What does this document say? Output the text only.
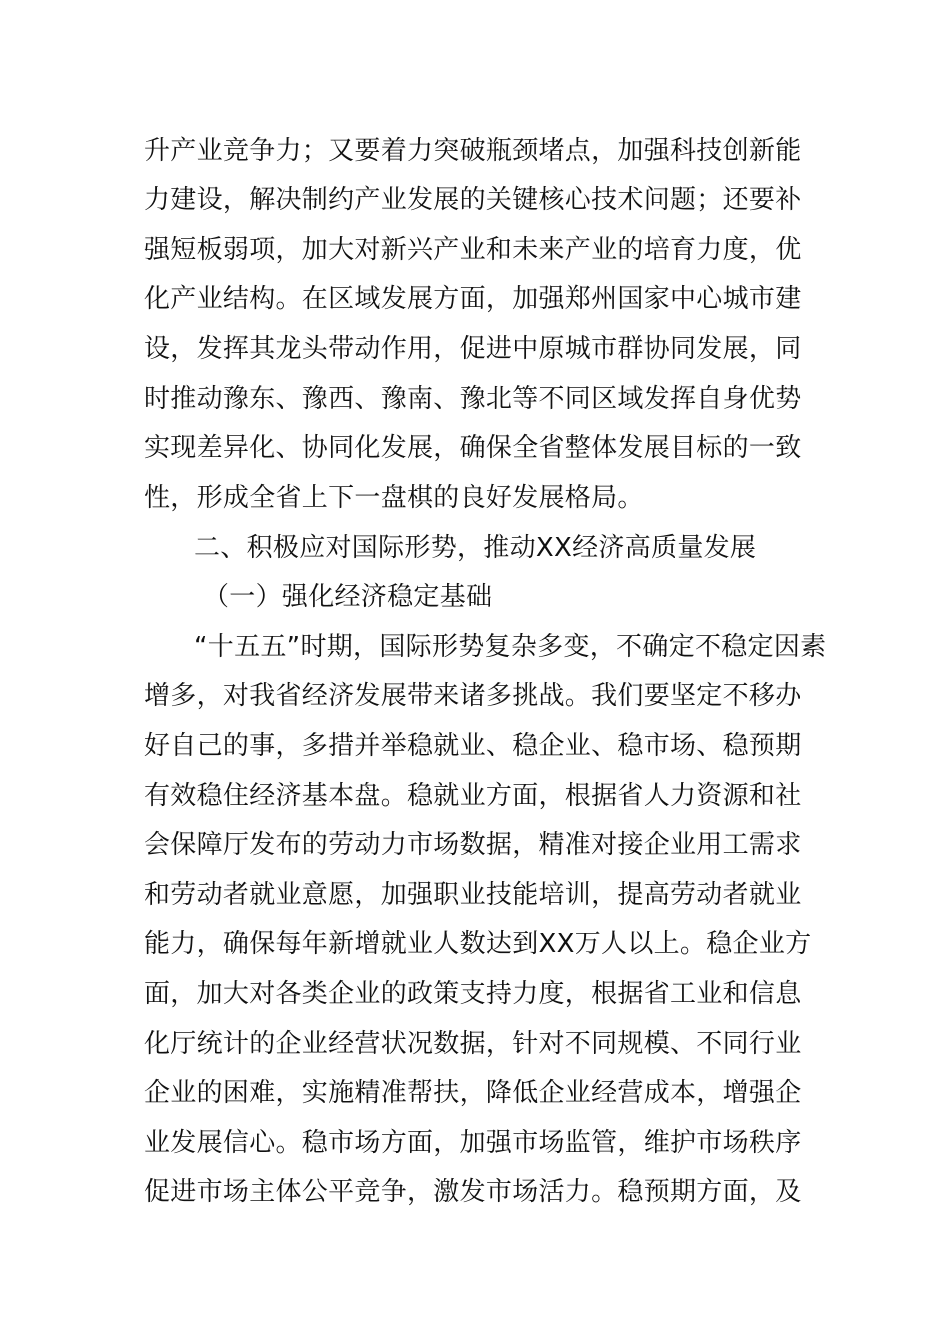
升产业竞争力；又要着力突破瓶颈堵点，加强科技创新能
力建设，解决制约产业发展的关键核心技术问题；还要补
强短板弱项，加大对新兴产业和未来产业的培育力度，优
化产业结构。在区域发展方面，加强郑州国家中心城市建
设，发挥其龙头带动作用，促进中原城市群协同发展，同
时推动豫东、豫西、豫南、豫北等不同区域发挥自身优势
实现差异化、协同化发展，确保全省整体发展目标的一致
性，形成全省上下一盘棋的良好发展格局。
二、积极应对国际形势，推动XX经济高质量发展
（一）强化经济稳定基础
“十五五”时期，国际形势复杂多变，不确定不稳定因素
增多，对我省经济发展带来诸多挑战。我们要坚定不移办
好自己的事，多措并举稳就业、稳企业、稳市场、稳预期
有效稳住经济基本盘。稳就业方面，根据省人力资源和社
会保障厅发布的劳动力市场数据，精准对接企业用工需求
和劳动者就业意愿，加强职业技能培训，提高劳动者就业
能力，确保每年新增就业人数达到XX万人以上。稳企业方
面，加大对各类企业的政策支持力度，根据省工业和信息
化厅统计的企业经营状况数据，针对不同规模、不同行业
企业的困难，实施精准帮扶，降低企业经营成本，增强企
业发展信心。稳市场方面，加强市场监管，维护市场秩序
促进市场主体公平竞争，激发市场活力。稳预期方面，及
